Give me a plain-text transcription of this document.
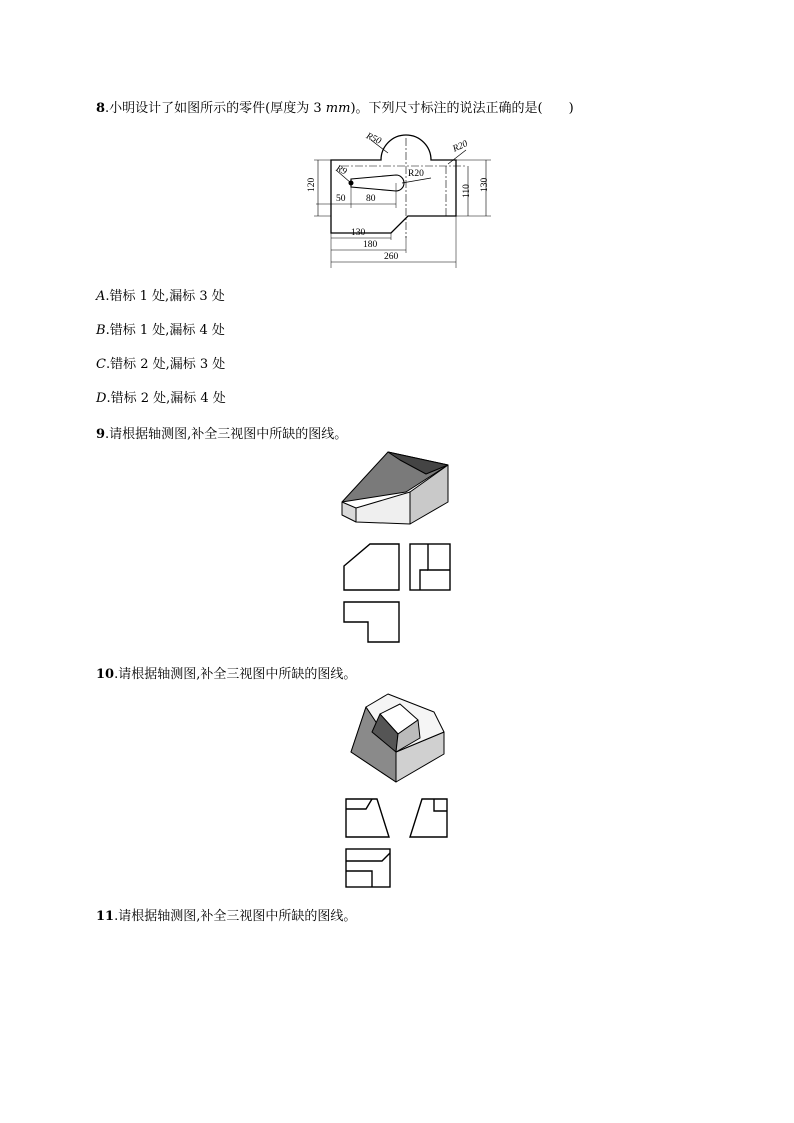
8.小明设计了如图所示的零件(厚度为 3 mm)。下列尺寸标注的说法正确的是(　　)
R50	R20
R9	R20
120
50 80
130
180
260
110 130
A.错标 1 处,漏标 3 处
B.错标 1 处,漏标 4 处
C.错标 2 处,漏标 3 处
D.错标 2 处,漏标 4 处
9.请根据轴测图,补全三视图中所缺的图线。
10.请根据轴测图,补全三视图中所缺的图线。
11.请根据轴测图,补全三视图中所缺的图线。
